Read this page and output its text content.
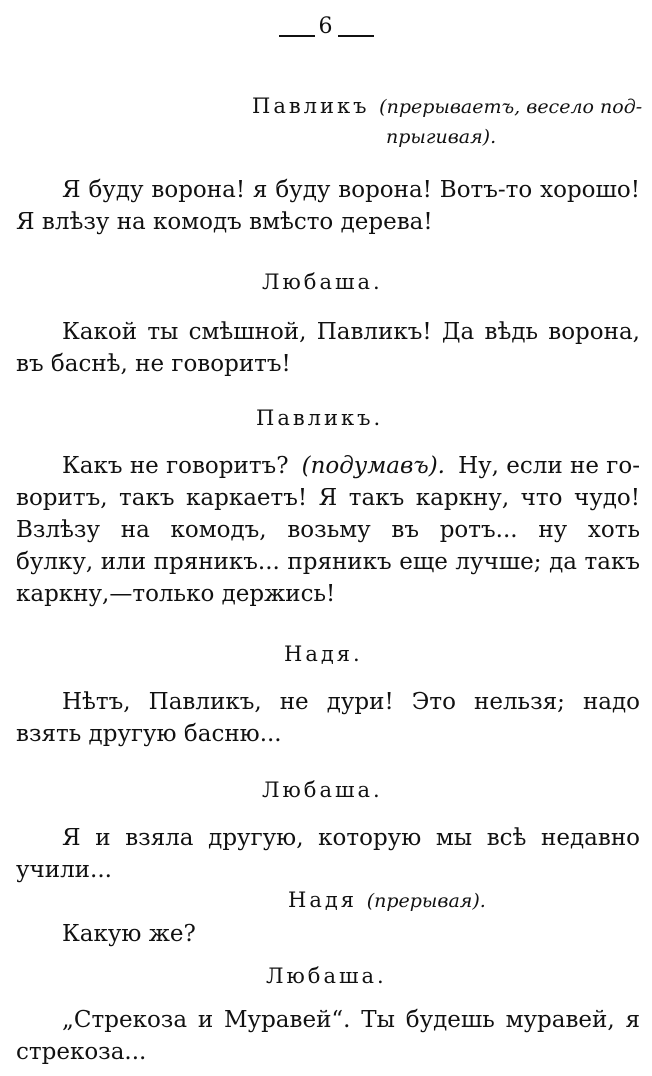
6
Павликъ (прерываетъ, весело под-
прыгивая).
Я буду ворона! я буду ворона! Вотъ-то хорошо!
Я влѣзу на комодъ вмѣсто дерева!
Любаша.
Какой ты смѣшной, Павликъ! Да вѣдь ворона,
въ баснѣ, не говоритъ!
Павликъ.
Какъ не говоритъ? (подумавъ). Ну, если не го-
воритъ, такъ каркаетъ! Я такъ каркну, что чудо!
Взлѣзу на комодъ, возьму въ ротъ... ну хоть
булку, или пряникъ... пряникъ еще лучше; да такъ
каркну,—только держись!
Надя.
Нѣтъ, Павликъ, не дури! Это нельзя; надо
взять другую басню...
Любаша.
Я и взяла другую, которую мы всѣ недавно
учили...
Надя (прерывая).
Какую же?
Любаша.
„Стрекоза и Муравей“. Ты будешь муравей, я
стрекоза...
